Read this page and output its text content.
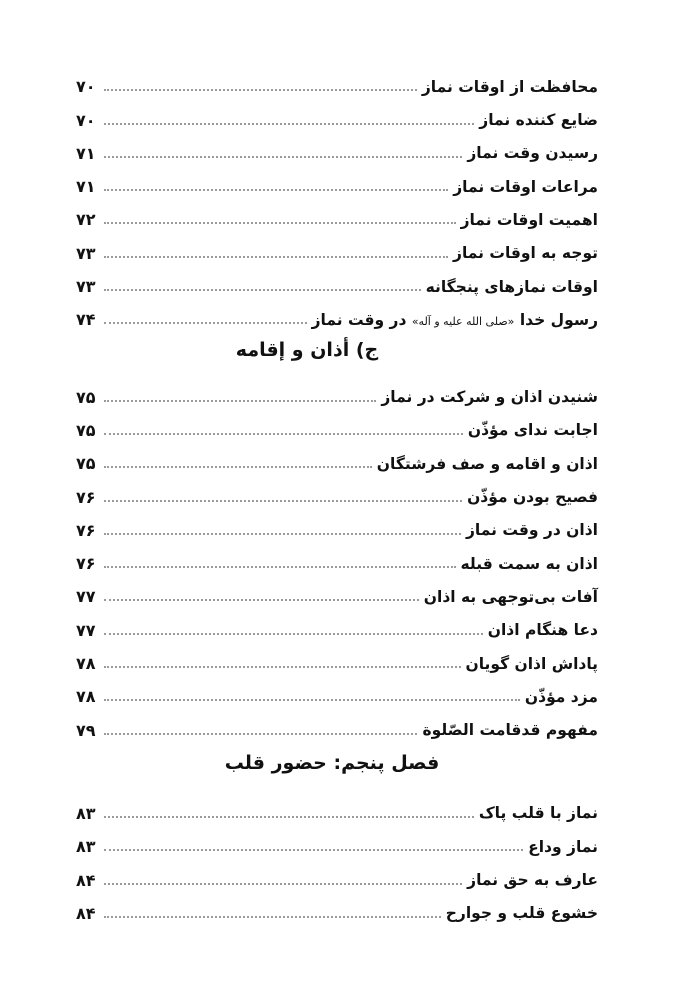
محافظت از اوقات نماز
۷۰
ضایع کننده نماز
۷۰
رسیدن وقت نماز
۷۱
مراعات اوقات نماز
۷۱
اهمیت اوقات نماز
۷۲
توجه به اوقات نماز
۷۳
اوقات نمازهای پنجگانه
۷۳
رسول خدا «صلی الله علیه و آله» در وقت نماز
۷۴
ج) أذان و إقامه
شنیدن اذان و شرکت در نماز
۷۵
اجابت ندای مؤذّن
۷۵
اذان و اقامه و صف فرشتگان
۷۵
فصیح بودن مؤذّن
۷۶
اذان در وقت نماز
۷۶
اذان به سمت قبله
۷۶
آفات بی‌توجهی به اذان
۷۷
دعا هنگام اذان
۷۷
پاداش اذان گویان
۷۸
مزد مؤذّن
۷۸
مفهوم قدقامت الصّلوة
۷۹
فصل پنجم: حضور قلب
نماز با قلب پاک
۸۳
نماز وداع
۸۳
عارف به حق نماز
۸۴
خشوع قلب و جوارح
۸۴
